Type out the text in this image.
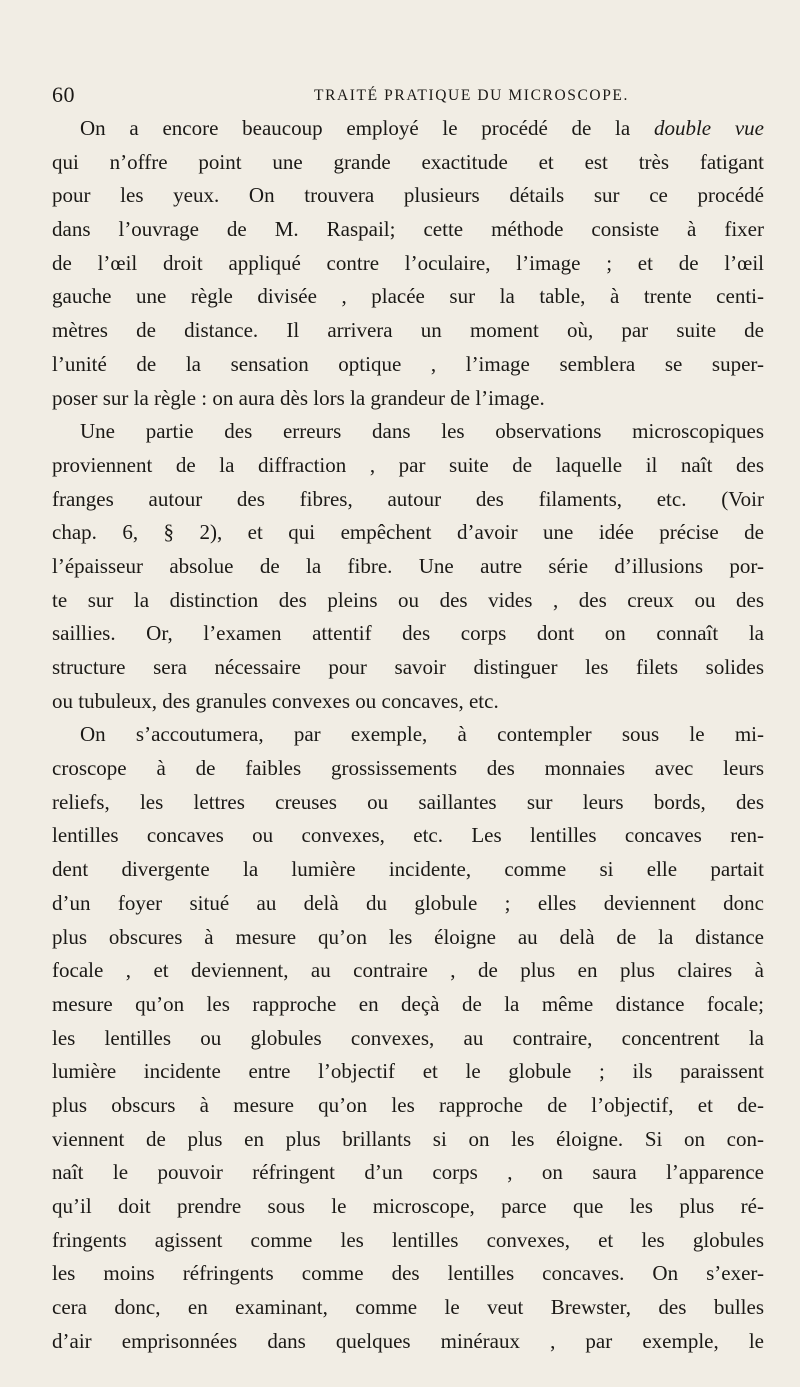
60	TRAITÉ PRATIQUE DU MICROSCOPE.

On a encore beaucoup employé le procédé de la double vue
qui n’offre point une grande exactitude et est très fatigant
pour les yeux. On trouvera plusieurs détails sur ce procédé
dans l’ouvrage de M. Raspail; cette méthode consiste à fixer
de l’œil droit appliqué contre l’oculaire, l’image ; et de l’œil
gauche une règle divisée , placée sur la table, à trente centi-
mètres de distance. Il arrivera un moment où, par suite de
l’unité de la sensation optique , l’image semblera se super-
poser sur la règle : on aura dès lors la grandeur de l’image.

Une partie des erreurs dans les observations microscopiques
proviennent de la diffraction , par suite de laquelle il naît des
franges autour des fibres, autour des filaments, etc. (Voir
chap. 6, § 2), et qui empêchent d’avoir une idée précise de
l’épaisseur absolue de la fibre. Une autre série d’illusions por-
te sur la distinction des pleins ou des vides , des creux ou des
saillies. Or, l’examen attentif des corps dont on connaît la
structure sera nécessaire pour savoir distinguer les filets solides
ou tubuleux, des granules convexes ou concaves, etc.

On s’accoutumera, par exemple, à contempler sous le mi-
croscope à de faibles grossissements des monnaies avec leurs
reliefs, les lettres creuses ou saillantes sur leurs bords, des
lentilles concaves ou convexes, etc. Les lentilles concaves ren-
dent divergente la lumière incidente, comme si elle partait
d’un foyer situé au delà du globule ; elles deviennent donc
plus obscures à mesure qu’on les éloigne au delà de la distance
focale , et deviennent, au contraire , de plus en plus claires à
mesure qu’on les rapproche en deçà de la même distance focale;
les lentilles ou globules convexes, au contraire, concentrent la
lumière incidente entre l’objectif et le globule ; ils paraissent
plus obscurs à mesure qu’on les rapproche de l’objectif, et de-
viennent de plus en plus brillants si on les éloigne. Si on con-
naît le pouvoir réfringent d’un corps , on saura l’apparence
qu’il doit prendre sous le microscope, parce que les plus ré-
fringents agissent comme les lentilles convexes, et les globules
les moins réfringents comme des lentilles concaves. On s’exer-
cera donc, en examinant, comme le veut Brewster, des bulles
d’air emprisonnées dans quelques minéraux , par exemple, le
